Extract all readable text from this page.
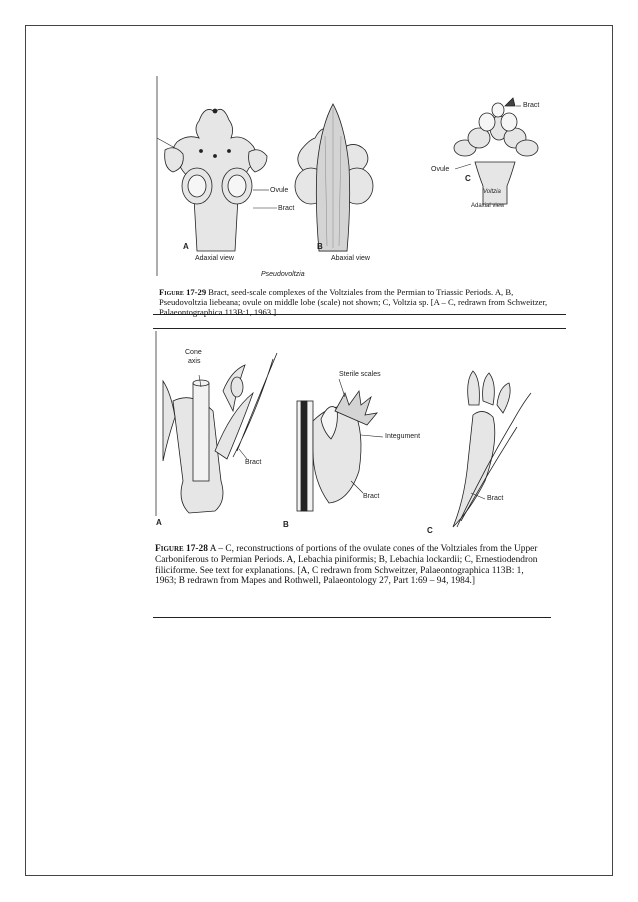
Bract
Ovule
C
Voltzia
Adaxial view
Ovule
Bract
A	B
Adaxial view	Abaxial view
Pseudovoltzia
Figure 17-29 Bract, seed-scale complexes of the Voltziales from the Permian to Triassic Periods. A, B, Pseudovoltzia liebeana; ovule on middle lobe (scale) not shown; C, Voltzia sp. [A – C, redrawn from Schweitzer, Palaeontographica 113B:1, 1963.]
Cone
axis
Sterile scales
Integument
Bract
Bract	Bract
A	B
C
Figure 17-28 A – C, reconstructions of portions of the ovulate cones of the Voltziales from the Upper Carboniferous to Permian Periods. A, Lebachia piniformis; B, Lebachia lockardii; C, Ernestiodendron filiciforme. See text for explanations. [A, C redrawn from Schweitzer, Palaeontographica 113B: 1, 1963; B redrawn from Mapes and Rothwell, Palaeontology 27, Part 1:69 – 94, 1984.]
